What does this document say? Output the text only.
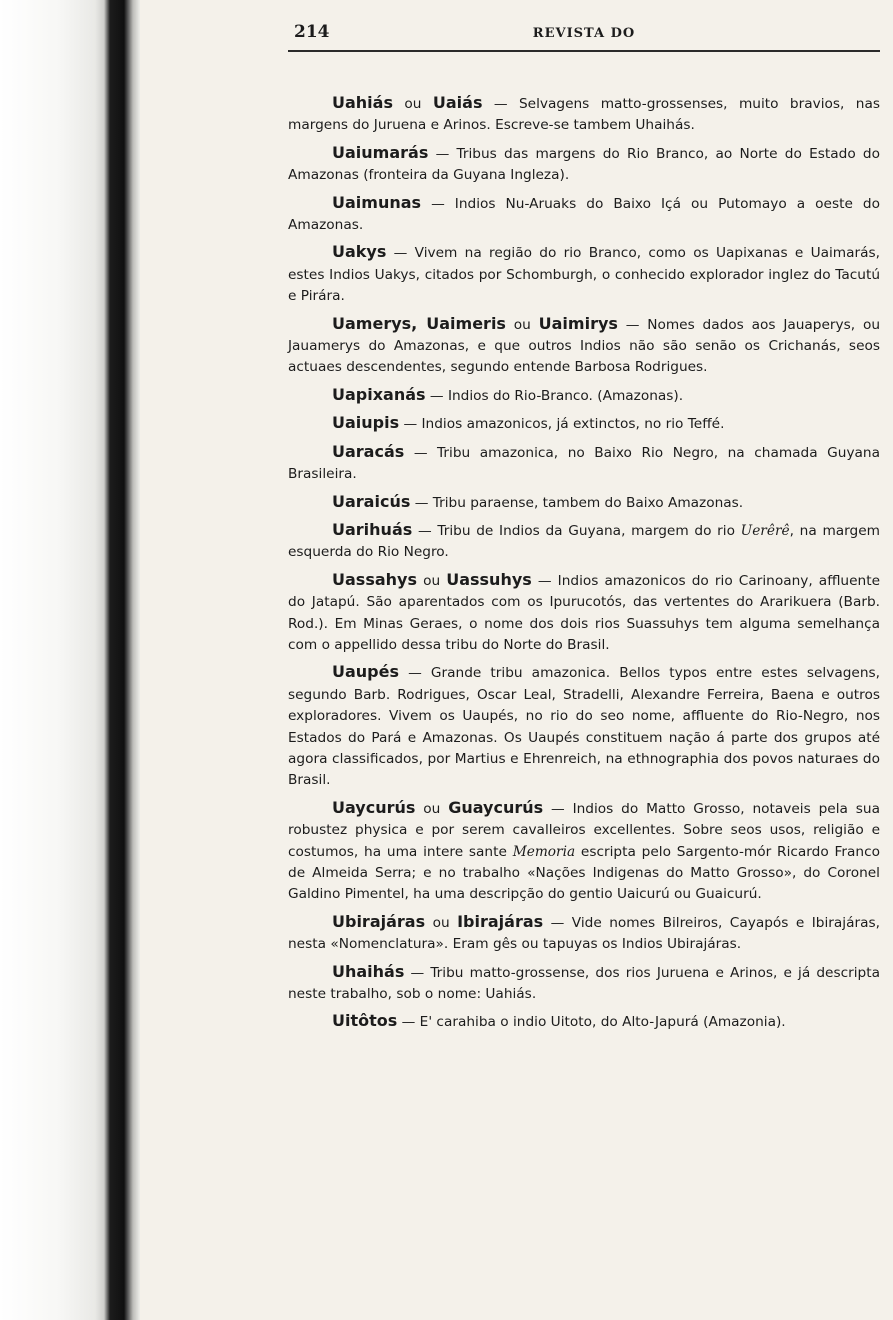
214	REVISTA DO

Uahiás ou Uaiás — Selvagens matto-grossenses, muito bravios, nas margens do Juruena e Arinos. Escreve-se tambem Uhaihás.

Uaiumarás — Tribus das margens do Rio Branco, ao Norte do Estado do Amazonas (fronteira da Guyana Ingleza).

Uaimunas — Indios Nu-Aruaks do Baixo Içá ou Putomayo a oeste do Amazonas.

Uakys — Vivem na região do rio Branco, como os Uapixanas e Uaimarás, estes Indios Uakys, citados por Schomburgh, o conhecido explorador inglez do Tacutú e Pirára.

Uamerys, Uaimeris ou Uaimirys — Nomes dados aos Jauaperys, ou Jauamerys do Amazonas, e que outros Indios não são senão os Crichanás, seos actuaes descendentes, segundo entende Barbosa Rodrigues.

Uapixanás — Indios do Rio-Branco. (Amazonas).

Uaiupis — Indios amazonicos, já extinctos, no rio Teffé.

Uaracás — Tribu amazonica, no Baixo Rio Negro, na chamada Guyana Brasileira.

Uaraicús — Tribu paraense, tambem do Baixo Amazonas.

Uarihuás — Tribu de Indios da Guyana, margem do rio Uerêrê, na margem esquerda do Rio Negro.

Uassahys ou Uassuhys — Indios amazonicos do rio Carinoany, affluente do Jatapú. São aparentados com os Ipurucotós, das vertentes do Ararikuera (Barb. Rod.). Em Minas Geraes, o nome dos dois rios Suassuhys tem alguma semelhança com o appellido dessa tribu do Norte do Brasil.

Uaupés — Grande tribu amazonica. Bellos typos entre estes selvagens, segundo Barb. Rodrigues, Oscar Leal, Stradelli, Alexandre Ferreira, Baena e outros exploradores. Vivem os Uaupés, no rio do seo nome, affluente do Rio-Negro, nos Estados do Pará e Amazonas. Os Uaupés constituem nação á parte dos grupos até agora classificados, por Martius e Ehrenreich, na ethnographia dos povos naturaes do Brasil.

Uaycurús ou Guaycurús — Indios do Matto Grosso, notaveis pela sua robustez physica e por serem cavalleiros excellentes. Sobre seos usos, religião e costumos, ha uma intere sante Memoria escripta pelo Sargento-mór Ricardo Franco de Almeida Serra; e no trabalho «Nações Indigenas do Matto Grosso», do Coronel Galdino Pimentel, ha uma descripção do gentio Uaicurú ou Guaicurú.

Ubirajáras ou Ibirajáras — Vide nomes Bilreiros, Cayapós e Ibirajáras, nesta «Nomenclatura». Eram gês ou tapuyas os Indios Ubirajáras.

Uhaihás — Tribu matto-grossense, dos rios Juruena e Arinos, e já descripta neste trabalho, sob o nome: Uahiás.

Uitôtos — E' carahiba o indio Uitoto, do Alto-Japurá (Amazonia).
